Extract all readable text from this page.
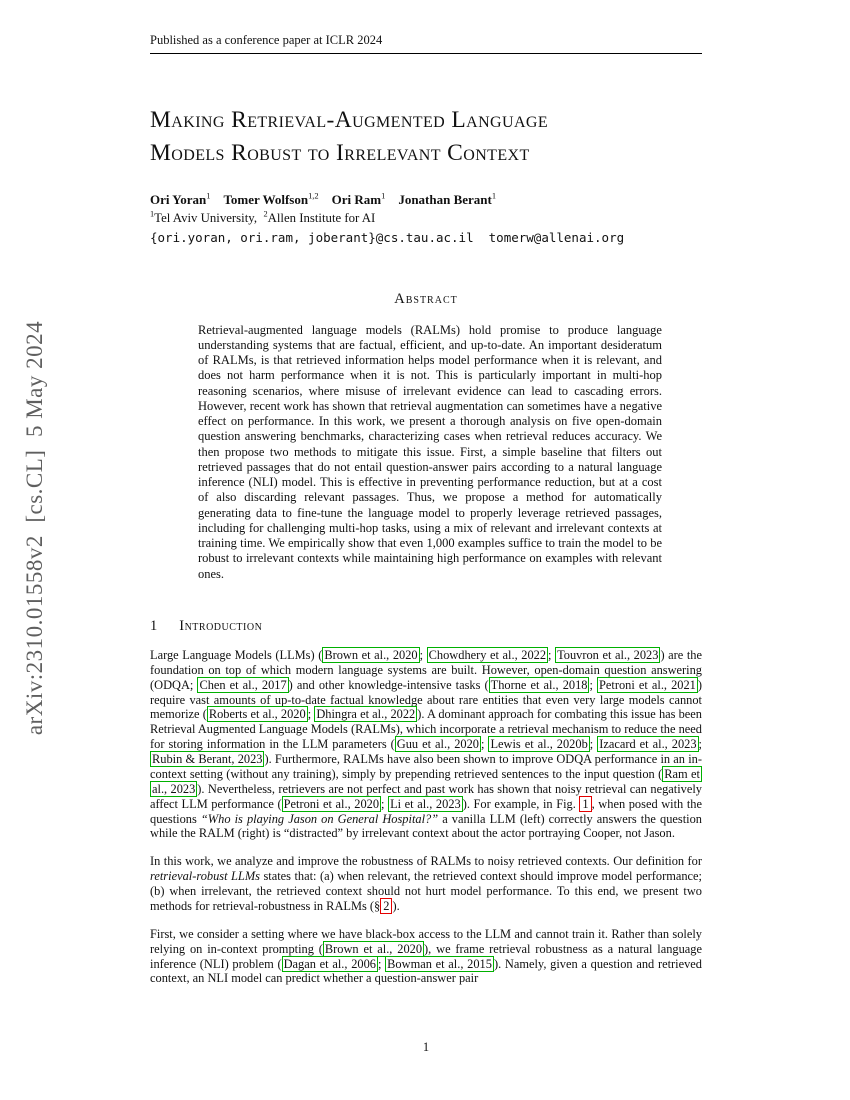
arXiv:2310.01558v2  [cs.CL]  5 May 2024
Published as a conference paper at ICLR 2024
Making Retrieval-Augmented Language
Models Robust to Irrelevant Context
Ori Yoran$^1$ Tomer Wolfson$^{1,2}$ Ori Ram$^1$ Jonathan Berant$^1$
$^1$Tel Aviv University,  $^2$Allen Institute for AI
{ori.yoran, ori.ram, joberant}@cs.tau.ac.il  tomerw@allenai.org
Abstract
Retrieval-augmented language models (RALMs) hold promise to produce language understanding systems that are factual, efficient, and up-to-date. An important desideratum of RALMs, is that retrieved information helps model performance when it is relevant, and does not harm performance when it is not. This is particularly important in multi-hop reasoning scenarios, where misuse of irrelevant evidence can lead to cascading errors. However, recent work has shown that retrieval augmentation can sometimes have a negative effect on performance. In this work, we present a thorough analysis on five open-domain question answering benchmarks, characterizing cases when retrieval reduces accuracy. We then propose two methods to mitigate this issue. First, a simple baseline that filters out retrieved passages that do not entail question-answer pairs according to a natural language inference (NLI) model. This is effective in preventing performance reduction, but at a cost of also discarding relevant passages. Thus, we propose a method for automatically generating data to fine-tune the language model to properly leverage retrieved passages, including for challenging multi-hop tasks, using a mix of relevant and irrelevant contexts at training time. We empirically show that even 1,000 examples suffice to train the model to be robust to irrelevant contexts while maintaining high performance on examples with relevant ones.
1 Introduction

Large Language Models (LLMs) ( Brown et al., 2020 ; Chowdhery et al., 2022 ; Touvron et al., 2023 ) are the foundation on top of which modern language systems are built. However, open-domain question answering (ODQA; Chen et al., 2017 ) and other knowledge-intensive tasks ( Thorne et al., 2018 ; Petroni et al., 2021 ) require vast amounts of up-to-date factual knowledge about rare entities that even very large models cannot memorize ( Roberts et al., 2020 ; Dhingra et al., 2022 ). A dominant approach for combating this issue has been Retrieval Augmented Language Models (RALMs), which incorporate a retrieval mechanism to reduce the need for storing information in the LLM parameters ( Guu et al., 2020 ; Lewis et al., 2020b ; Izacard et al., 2023 ; Rubin & Berant, 2023 ). Furthermore, RALMs have also been shown to improve ODQA performance in an in-context setting (without any training), simply by prepending retrieved sentences to the input question ( Ram et al., 2023 ). Nevertheless, retrievers are not perfect and past work has shown that noisy retrieval can negatively affect LLM performance ( Petroni et al., 2020 ; Li et al., 2023 ). For example, in Fig. 1 , when posed with the questions “Who is playing Jason on General Hospital?” a vanilla LLM (left) correctly answers the question while the RALM (right) is “distracted” by irrelevant context about the actor portraying Cooper, not Jason.

In this work, we analyze and improve the robustness of RALMs to noisy retrieved contexts. Our definition for retrieval-robust LLMs states that: (a) when relevant, the retrieved context should improve model performance; (b) when irrelevant, the retrieved context should not hurt model performance. To this end, we present two methods for retrieval-robustness in RALMs (§ 2 ).

First, we consider a setting where we have black-box access to the LLM and cannot train it. Rather than solely relying on in-context prompting ( Brown et al., 2020 ), we frame retrieval robustness as a natural language inference (NLI) problem ( Dagan et al., 2006 ; Bowman et al., 2015 ). Namely, given a question and retrieved context, an NLI model can predict whether a question-answer pair

1
